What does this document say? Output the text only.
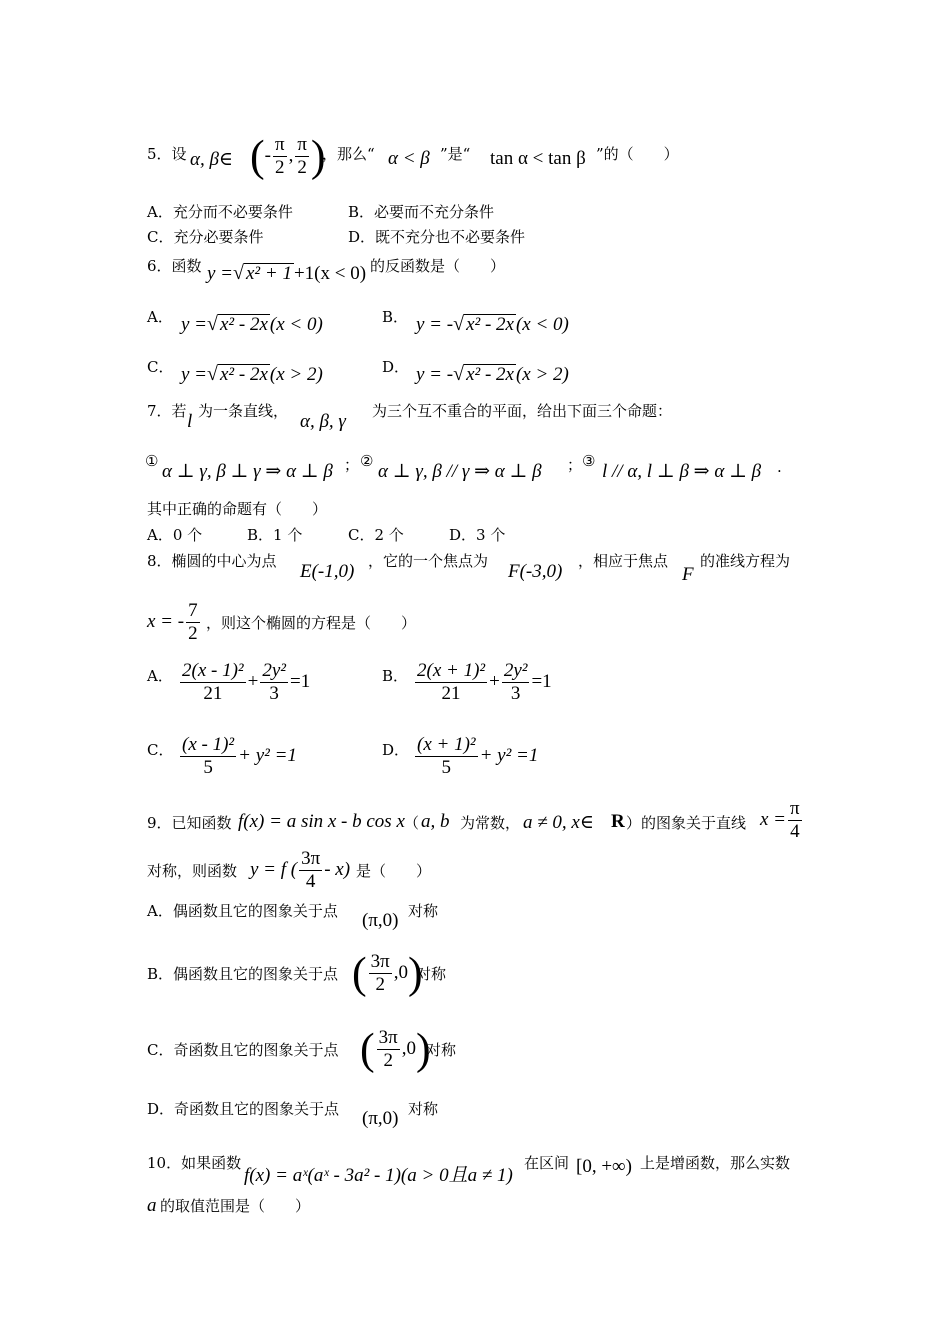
5．设 α, β∈ (- $\frac{\pi}{2}$ , $\frac{\pi}{2}$ )
，那么“ α < β ”是“ tan α < tan β ”的（　　）
A．充分而不必要条件	B．必要而不充分条件
C．充分必要条件	D．既不充分也不必要条件
6．函数 y =√ x² + 1 +1(x < 0) 的反函数是（　　）
A． y =√ x² - 2x (x < 0)	B． y = -√ x² - 2x (x < 0)
C． y =√ x² - 2x (x > 2)	D． y = -√ x² - 2x (x > 2)
7．若 l 为一条直线， α, β, γ 为三个互不重合的平面，给出下面三个命题：
① α ⊥ γ, β ⊥ γ ⇒ α ⊥ β ； ② α ⊥ γ, β // γ ⇒ α ⊥ β ； ③ l // α, l ⊥ β ⇒ α ⊥ β .
其中正确的命题有（　　）
A．0 个	B．1 个	C．2 个	D．3 个
8．椭圆的中心为点 E(-1,0) ，它的一个焦点为 F(-3,0) ，相应于焦点
F
的准线方程为
x = - $\frac{7}{2}$ ，则这个椭圆的方程是（　　）
A． $\frac{\text{2(x - 1)²}}{21} + \frac{\text{2y²}}{3} =1$	B． $\frac{\text{2(x + 1)²}}{21} + \frac{\text{2y²}}{3} =1$
C． $\frac{\text{(x - 1)²}}{5} + y^2 =1$	D． $\frac{\text{(x + 1)²}}{5} + y^2 =1$
9．已知函数 f(x) = a sin x - b cos x （ a, b 为常数， a ≠ 0, x∈ R ）的图象关于直线 $x = \frac{\pi}{4}$
对称，则函数 y = f ( $\frac{3\pi}{4} - x$) 是（　　）
A．偶函数且它的图象关于点 (π,0) 对称
B．偶函数且它的图象关于点 ( $\frac{3\pi}{2} ,0$)
对称
C．奇函数且它的图象关于点 ( $\frac{3\pi}{2} ,0$)
对称
D．奇函数且它的图象关于点 (π,0) 对称
10．如果函数
f(x) = aˣ(aˣ - 3a² - 1)(a > 0且a ≠ 1)
在区间 [0, +∞) 上是增函数，那么实数
a 的取值范围是（　　）
